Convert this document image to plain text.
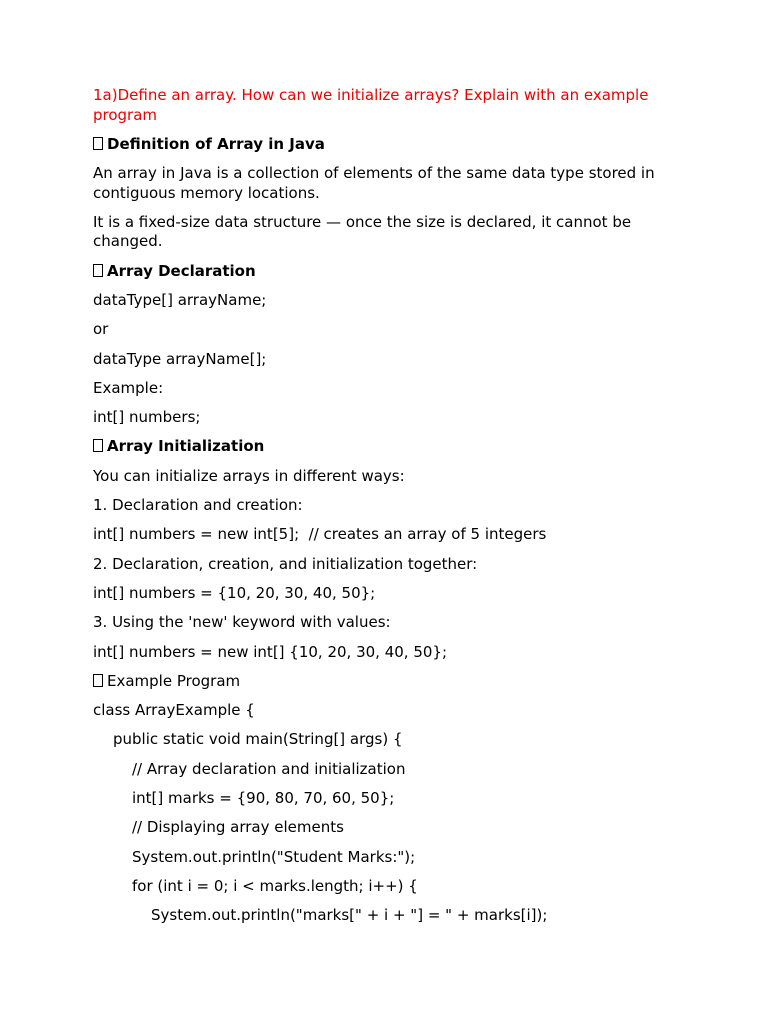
1a)Define an array. How can we initialize arrays? Explain with an example program
Definition of Array in Java
An array in Java is a collection of elements of the same data type stored in contiguous memory locations.
It is a fixed-size data structure — once the size is declared, it cannot be changed.
Array Declaration
dataType[] arrayName;
or
dataType arrayName[];
Example:
int[] numbers;
Array Initialization
You can initialize arrays in different ways:
1. Declaration and creation:
int[] numbers = new int[5];  // creates an array of 5 integers
2. Declaration, creation, and initialization together:
int[] numbers = {10, 20, 30, 40, 50};
3. Using the 'new' keyword with values:
int[] numbers = new int[] {10, 20, 30, 40, 50};
Example Program
class ArrayExample {
public static void main(String[] args) {
// Array declaration and initialization
int[] marks = {90, 80, 70, 60, 50};
// Displaying array elements
System.out.println("Student Marks:");
for (int i = 0; i < marks.length; i++) {
System.out.println("marks[" + i + "] = " + marks[i]);
